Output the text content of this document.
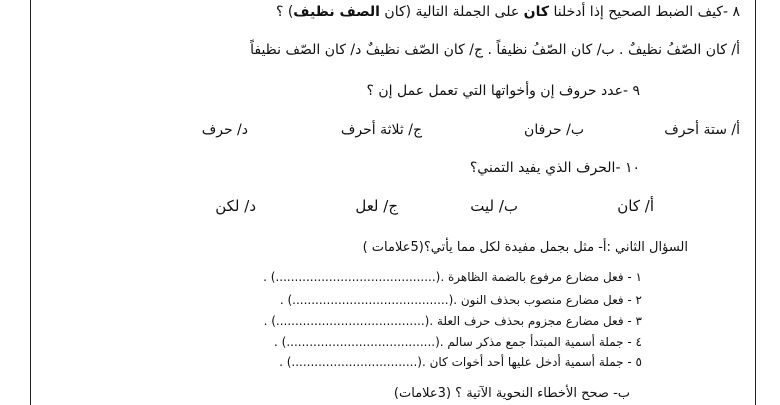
٨ -كيف الضبط الصحيح إذا أدخلنا كان على الجملة التالية (كان الصف نظيف) ؟
أ/ كان الصّفُ نظيفٌ . ب/ كان الصّفُ نظيفاً . ج/ كان الصّف نظيفٌ د/ كان الصّف نظيفاً
٩ -عدد حروف إن وأخواتها التي تعمل عمل إن ؟
أ/ ستة أحرف
ب/ حرفان
ج/ ثلاثة أحرف
د/ حرف
١٠ -الحرف الذي يفيد التمني؟
أ/ كان
ب/ ليت
ج/ لعل
د/ لكن
السؤال الثاني :أ- مثل بجمل مفيدة لكل مما يأتي؟(5علامات )
١ - فعل مضارع مرفوع بالضمة الظاهرة .(..........................................) .
٢ - فعل مضارع منصوب بحذف النون .(.........................................) .
٣ - فعل مضارع مجزوم بحذف حرف العلة .(.......................................) .
٤ - جملة أسمية المبتدأ جمع مذكر سالم .(.......................................) .
٥ - جملة أسمية أدخل عليها أحد أخوات كان .(.................................) .
ب- صحح الأخطاء النحوية الآتية ؟ (3علامات)
